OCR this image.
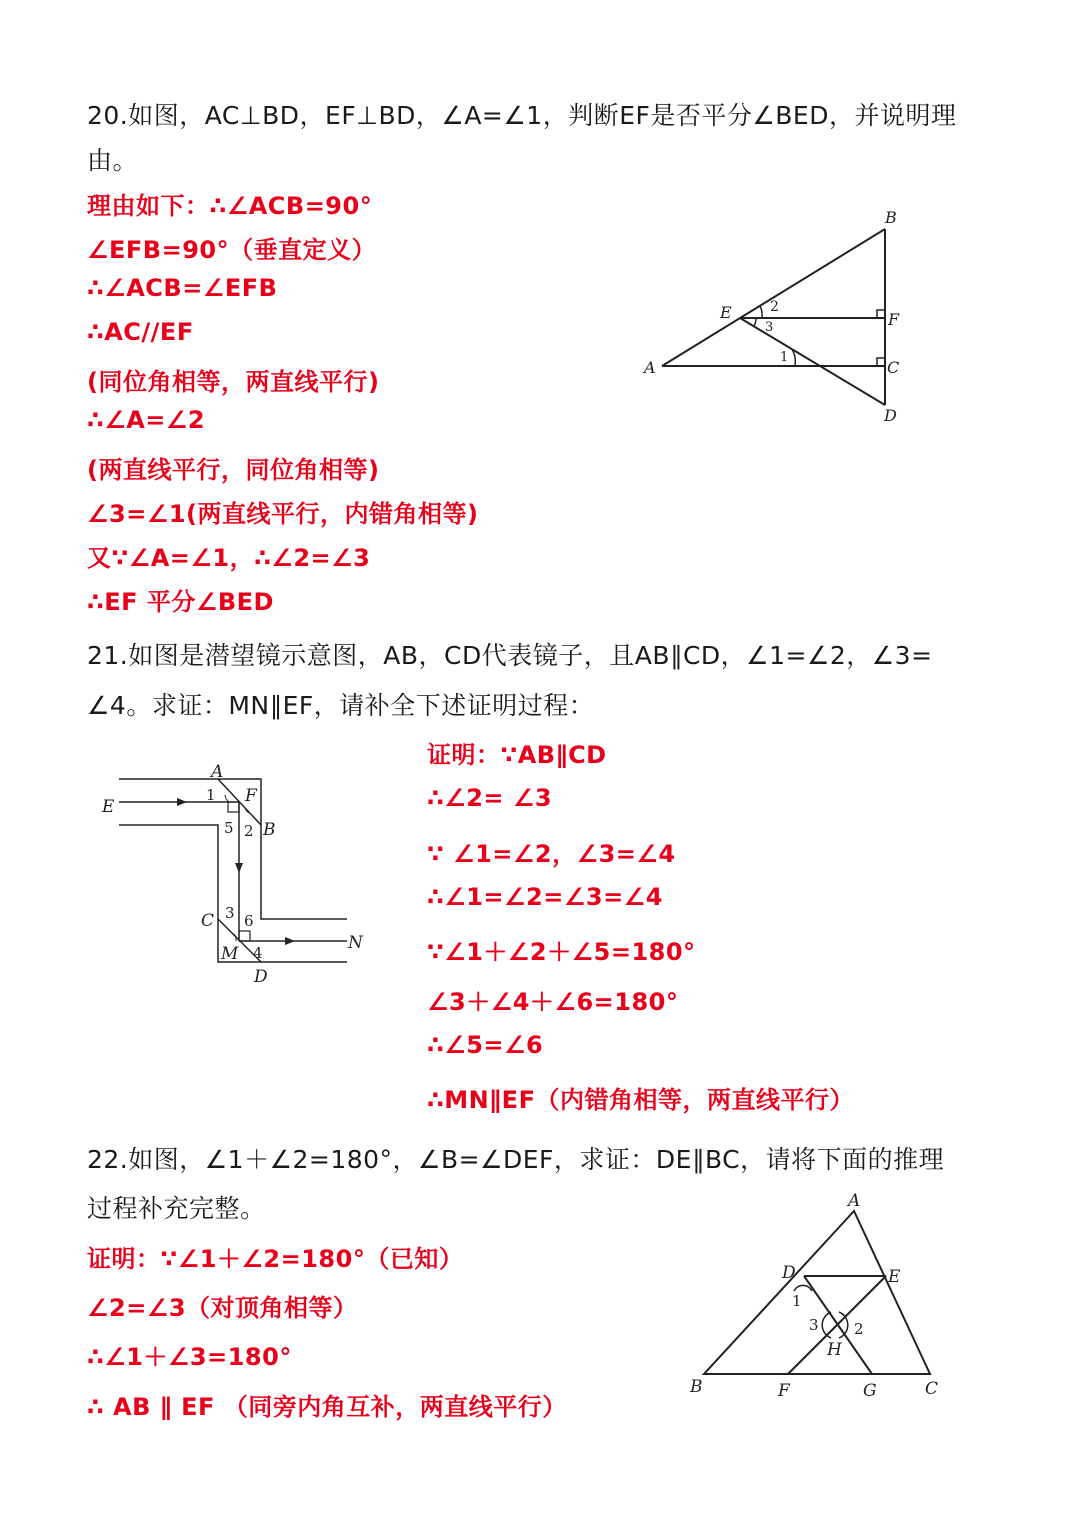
20.如图，AC⊥BD，EF⊥BD，∠A=∠1，判断EF是否平分∠BED，并说明理

由。

理由如下：∴∠ACB=90°

∠EFB=90°（垂直定义）

∴∠ACB=∠EFB

∴AC//EF

(同位角相等，两直线平行)

∴∠A=∠2

(两直线平行，同位角相等)

∠3=∠1(两直线平行，内错角相等)

又∵∠A=∠1，∴∠2=∠3

∴EF 平分∠BED

A
B
C
D
E	F
2
3
1

21.如图是潜望镜示意图，AB，CD代表镜子，且AB∥CD，∠1=∠2，∠3=

∠4。求证：MN∥EF，请补全下述证明过程：

证明：∵AB∥CD

∴∠2= ∠3

∵ ∠1=∠2，∠3=∠4

∴∠1=∠2=∠3=∠4

∵∠1＋∠2＋∠5=180°

∠3＋∠4＋∠6=180°

∴∠5=∠6

∴MN∥EF（内错角相等，两直线平行）

A
B
C
D
E
F
M
N
1
2
3
4
5
6

22.如图，∠1＋∠2=180°，∠B=∠DEF，求证：DE∥BC，请将下面的推理

过程补充完整。

证明：∵∠1＋∠2=180°（已知）

∠2=∠3（对顶角相等）

∴∠1＋∠3=180°

∴ AB ∥ EF （同旁内角互补，两直线平行）

A
B	C
D	E
F	G
H
1
2
3
